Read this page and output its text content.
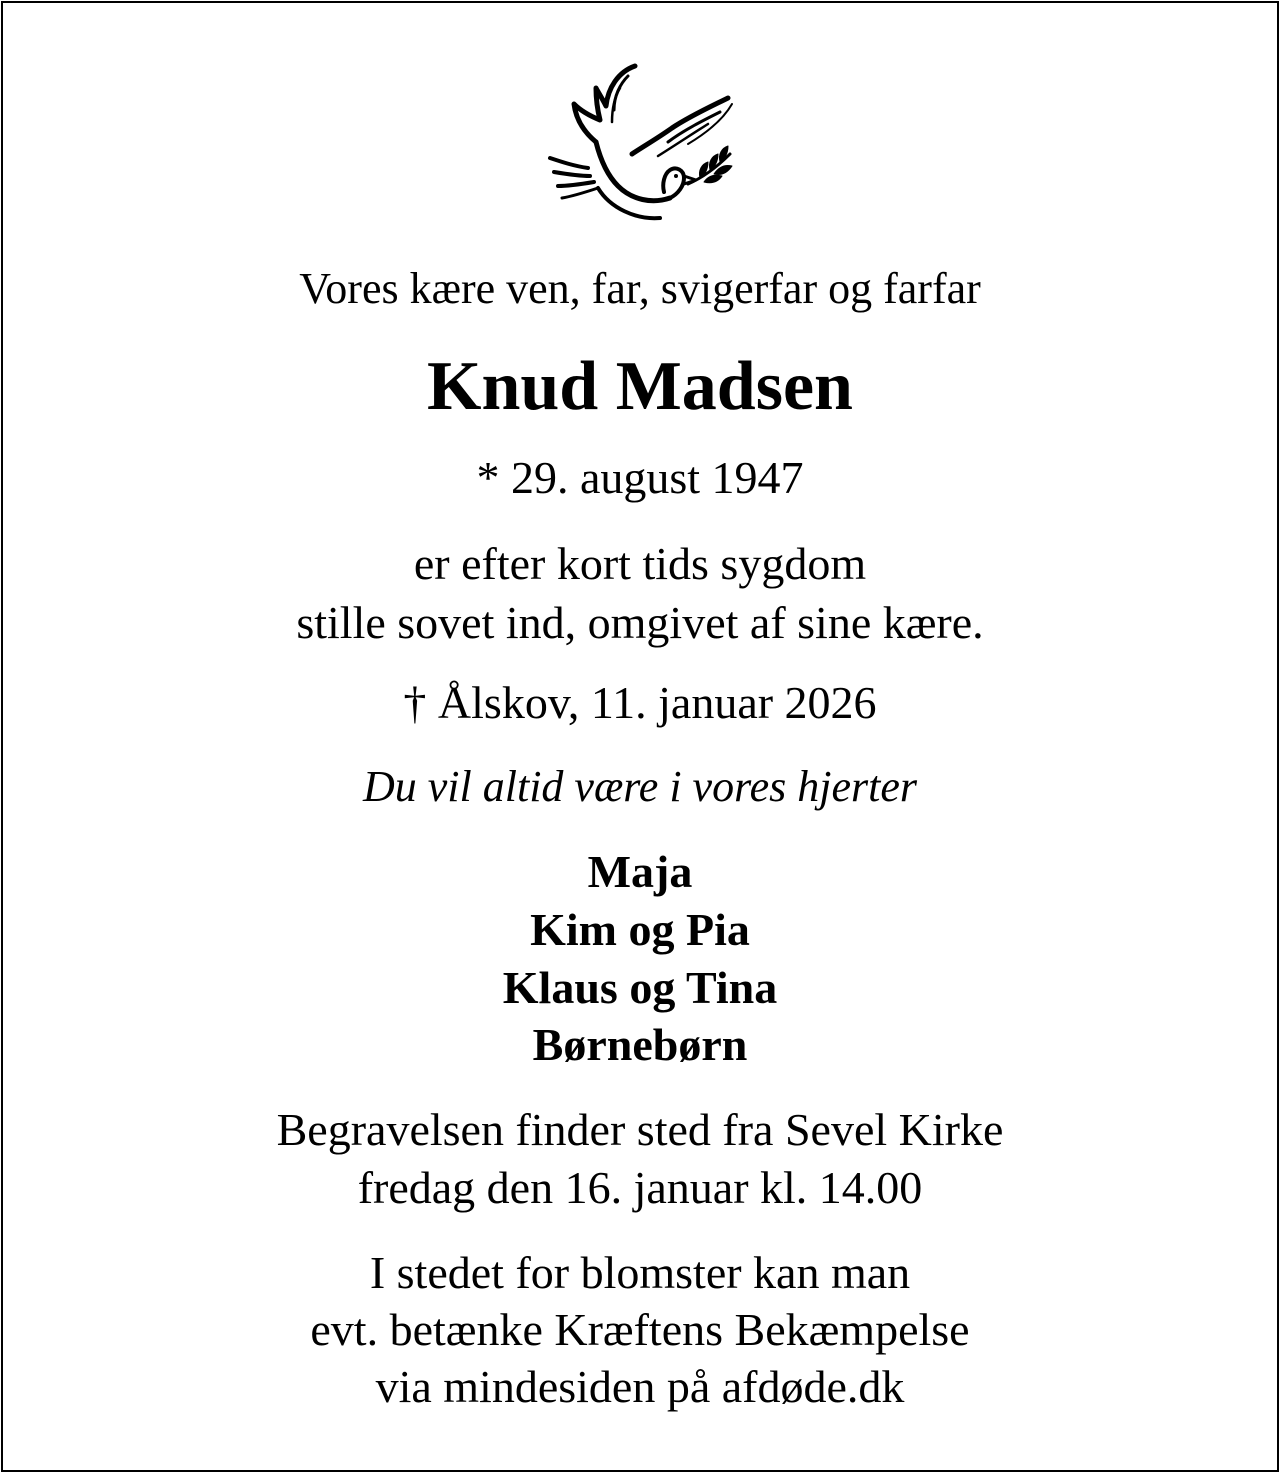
Vores kære ven, far, svigerfar og farfar
Knud Madsen
* 29. august 1947
er efter kort tids sygdom
stille sovet ind, omgivet af sine kære.
† Ålskov, 11. januar 2026
Du vil altid være i vores hjerter
Maja
Kim og Pia
Klaus og Tina
Børnebørn
Begravelsen finder sted fra Sevel Kirke
fredag den 16. januar kl. 14.00
I stedet for blomster kan man
evt. betænke Kræftens Bekæmpelse
via mindesiden på afdøde.dk
